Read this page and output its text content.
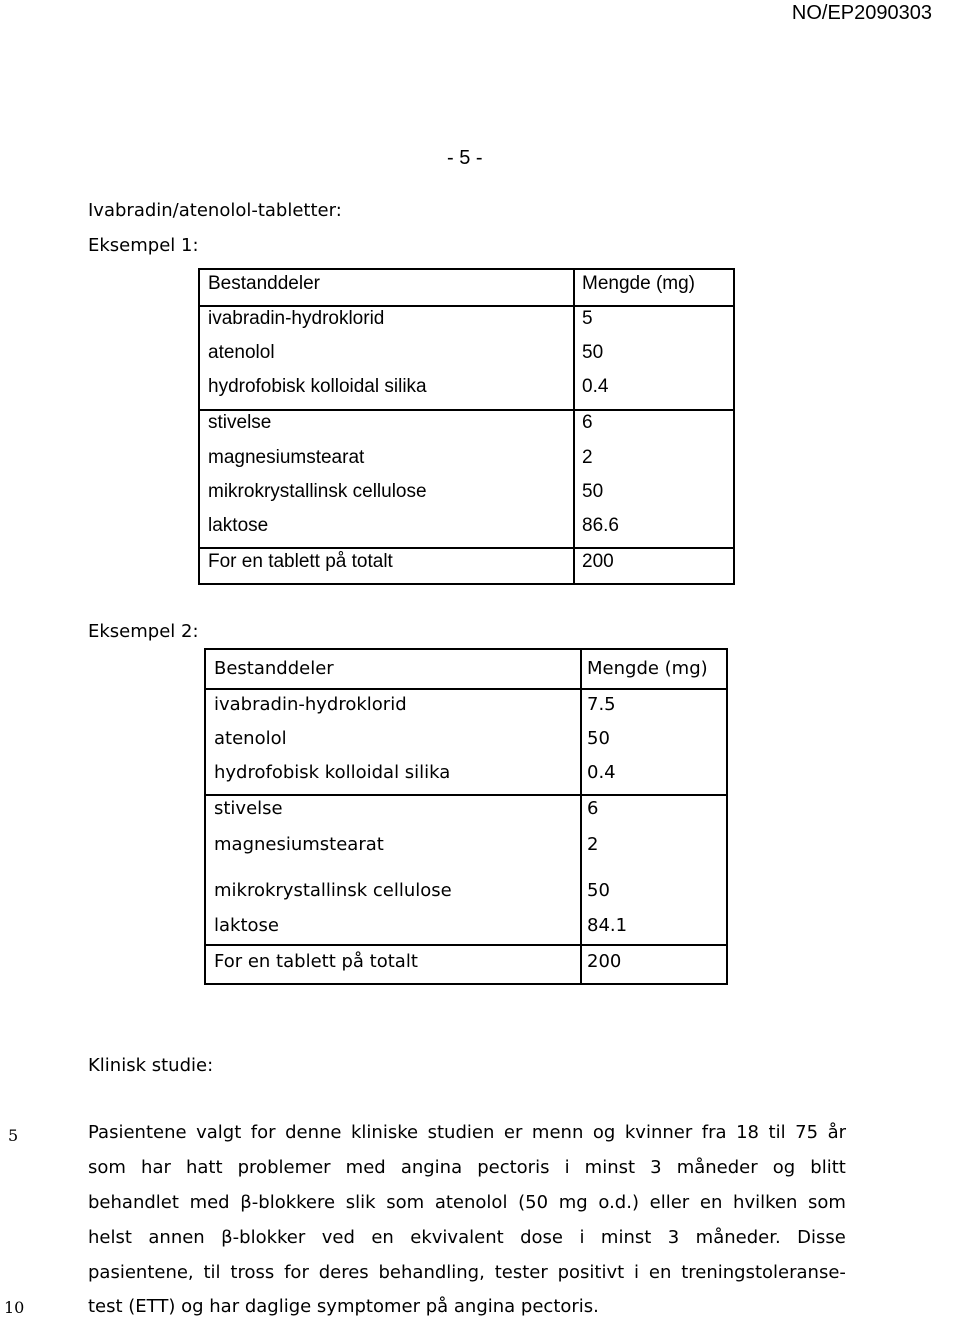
NO/EP2090303
- 5 -
Ivabradin/atenolol-tabletter:
Eksempel 1:
Bestanddeler	Mengde (mg)
ivabradin-hydroklorid	5
atenolol	50
hydrofobisk kolloidal silika	0.4
stivelse	6
magnesiumstearat	2
mikrokrystallinsk cellulose	50
laktose	86.6
For en tablett på totalt	200
Eksempel 2:
Bestanddeler	Mengde (mg)
ivabradin-hydroklorid	7.5
atenolol	50
hydrofobisk kolloidal silika	0.4
stivelse	6
magnesiumstearat	2
mikrokrystallinsk cellulose	50
laktose	84.1
For en tablett på totalt	200
Klinisk studie:
5
10
Pasientene valgt for denne kliniske studien er menn og kvinner fra 18 til 75 år
som har hatt problemer med angina pectoris i minst 3 måneder og blitt
behandlet med β-blokkere slik som atenolol (50 mg o.d.) eller en hvilken som
helst annen β-blokker ved en ekvivalent dose i minst 3 måneder. Disse
pasientene, til tross for deres behandling, tester positivt i en treningstoleranse-
test (ETT) og har daglige symptomer på angina pectoris.
